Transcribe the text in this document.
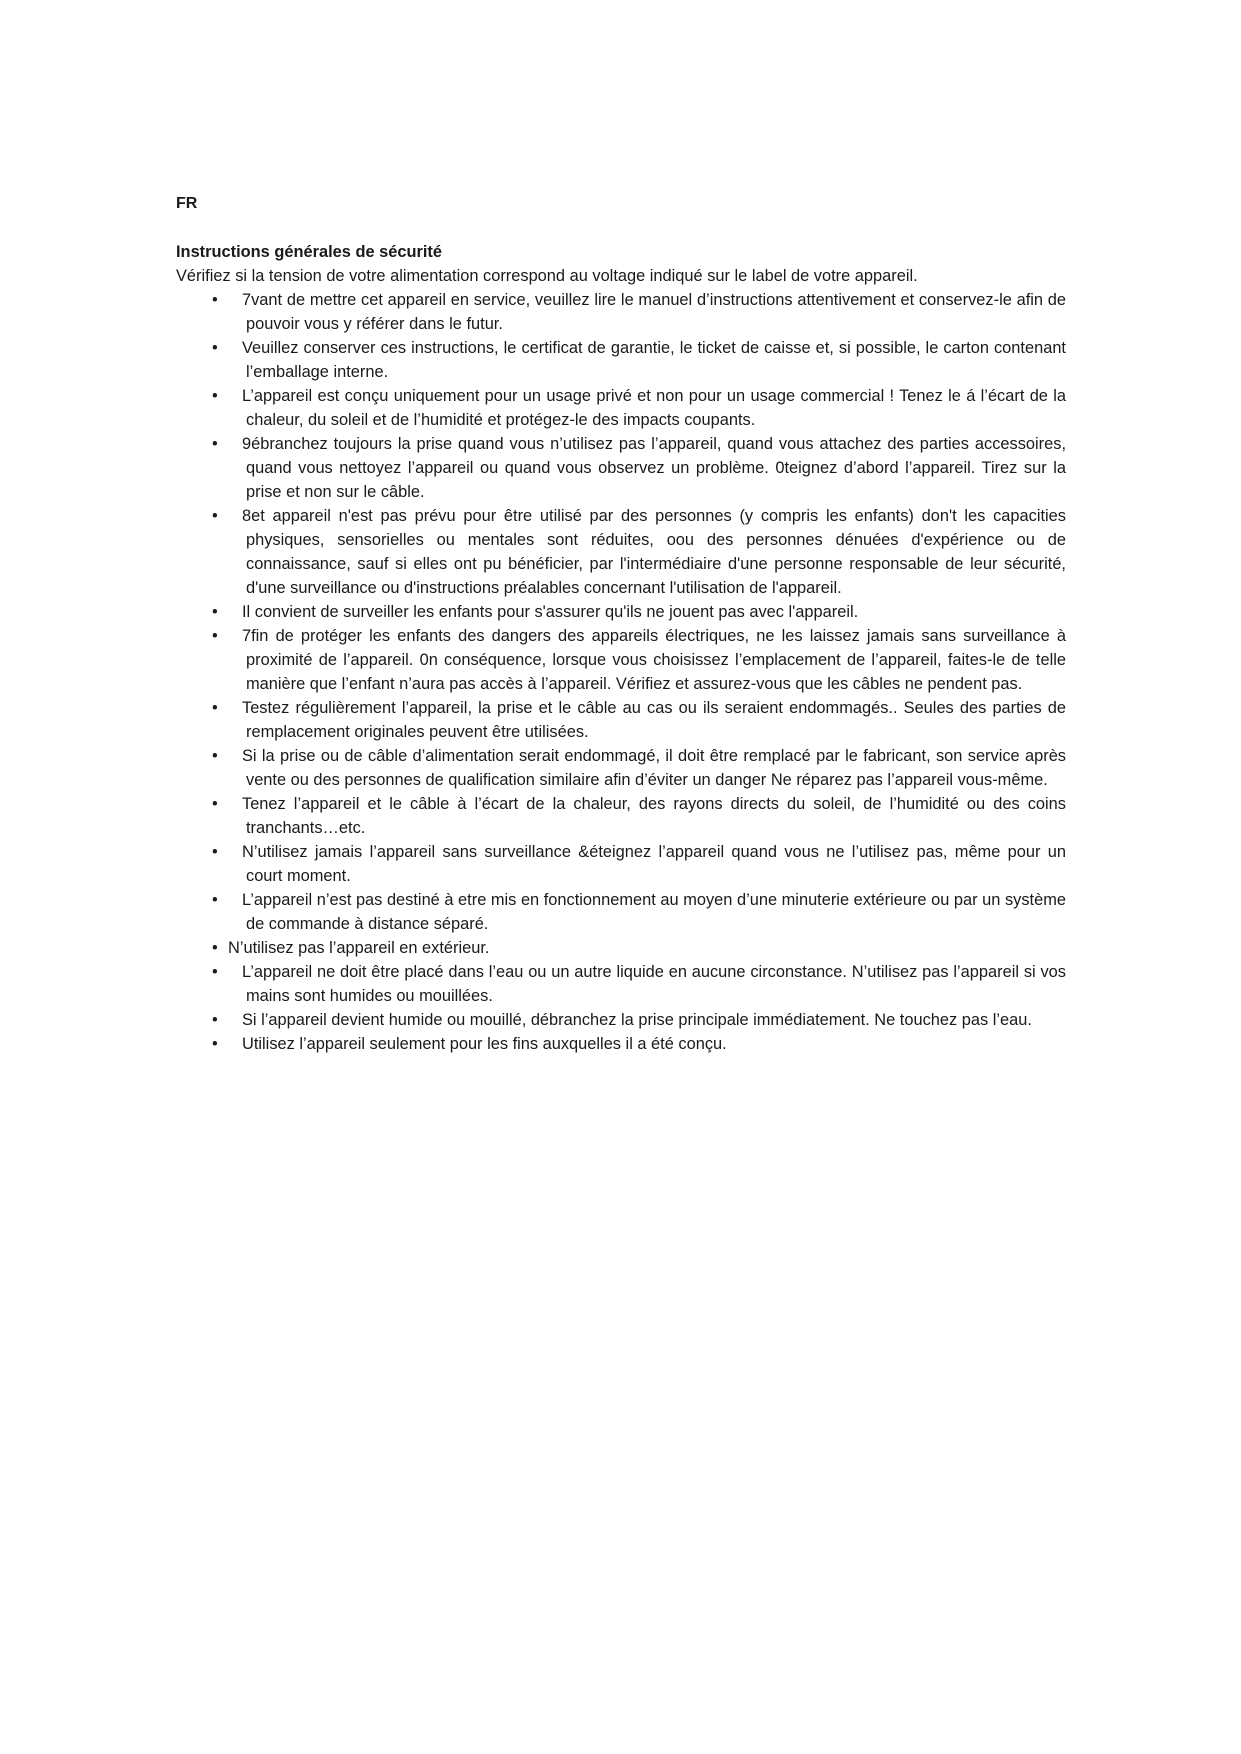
FR

Instructions générales de sécurité

Vérifiez si la tension de votre alimentation correspond au voltage indiqué sur le label de votre appareil.

• 7vant de mettre cet appareil en service, veuillez lire le manuel d’instructions attentivement et conservez-le afin de pouvoir vous y référer dans le futur.
• Veuillez conserver ces instructions, le certificat de garantie, le ticket de caisse et, si possible, le carton contenant l’emballage interne.
• L’appareil est conçu uniquement pour un usage privé et non pour un usage commercial ! Tenez le á l’écart de la chaleur, du soleil et de l’humidité et protégez-le des impacts coupants.
• 9ébranchez toujours la prise quand vous n’utilisez pas l’appareil, quand vous attachez des parties accessoires, quand vous nettoyez l’appareil ou quand vous observez un problème. 0teignez d’abord l’appareil. Tirez sur la prise et non sur le câble.
• 8et appareil n'est pas prévu pour être utilisé par des personnes (y compris les enfants) don't les capacities physiques, sensorielles ou mentales sont réduites, oou des personnes dénuées d'expérience ou de connaissance, sauf si elles ont pu bénéficier, par l'intermédiaire d'une personne responsable de leur sécurité, d'une surveillance ou d'instructions préalables concernant l'utilisation de l'appareil.
• Il convient de surveiller les enfants pour s'assurer qu'ils ne jouent pas avec l'appareil.
• 7fin de protéger les enfants des dangers des appareils électriques, ne les laissez jamais sans surveillance à proximité de l’appareil. 0n conséquence, lorsque vous choisissez l’emplacement de l’appareil, faites-le de telle manière que l’enfant n’aura pas accès à l’appareil. Vérifiez et assurez-vous que les câbles ne pendent pas.
• Testez régulièrement l’appareil, la prise et le câble au cas ou ils seraient endommagés.. Seules des parties de remplacement originales peuvent être utilisées.
• Si la prise ou de câble d’alimentation serait endommagé, il doit être remplacé par le fabricant, son service après vente ou des personnes de qualification similaire afin d’éviter un danger Ne réparez pas l’appareil vous-même.
• Tenez l’appareil et le câble à l’écart de la chaleur, des rayons directs du soleil, de l’humidité ou des coins tranchants…etc.
• N’utilisez jamais l’appareil sans surveillance &éteignez l’appareil quand vous ne l’utilisez pas, même pour un court moment.
• L’appareil n’est pas destiné à etre mis en fonctionnement au moyen d’une minuterie extérieure ou par un système de commande à distance séparé.
• N’utilisez pas l’appareil en extérieur.
• L’appareil ne doit être placé dans l’eau ou un autre liquide en aucune circonstance. N’utilisez pas l’appareil si vos mains sont humides ou mouillées.
• Si l’appareil devient humide ou mouillé, débranchez la prise principale immédiatement. Ne touchez pas l’eau.
• Utilisez l’appareil seulement pour les fins auxquelles il a été conçu.
